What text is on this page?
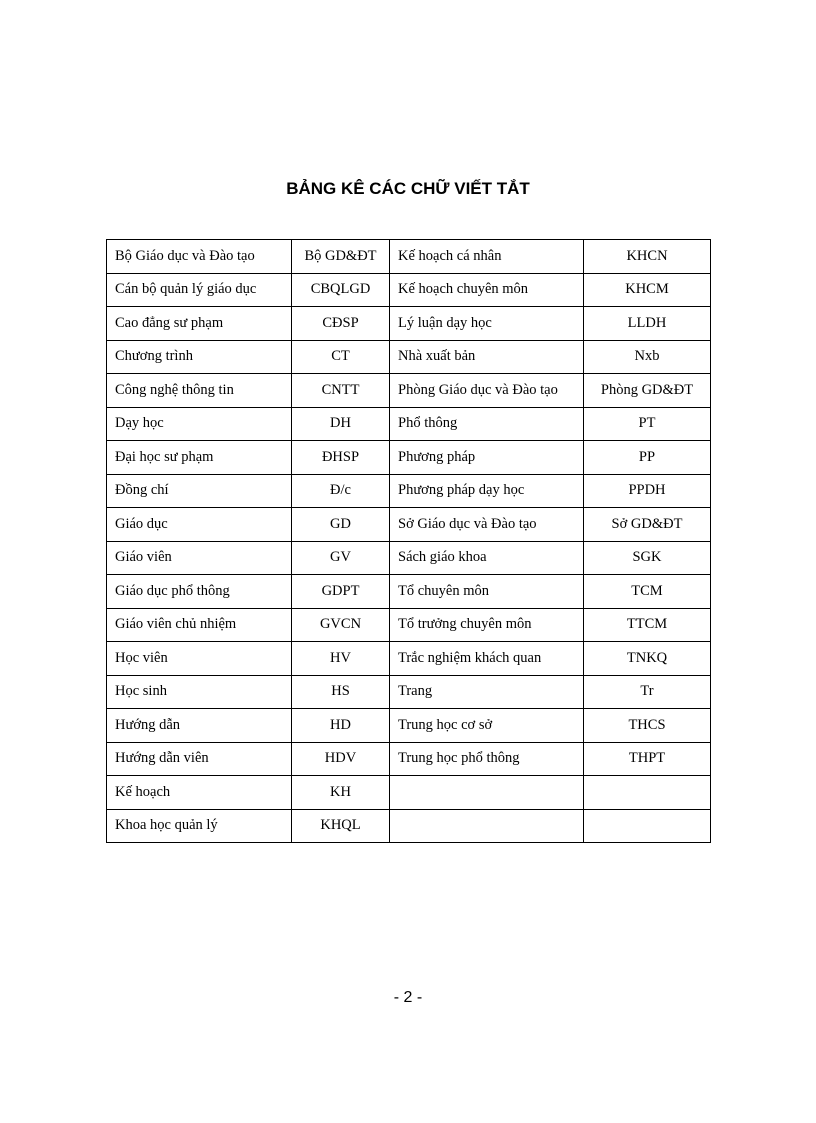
BẢNG KÊ CÁC CHỮ VIẾT TẮT
Bộ Giáo dục và Đào tạo	Bộ GD&ĐT	Kế hoạch cá nhân	KHCN
Cán bộ quản lý giáo dục	CBQLGD	Kế hoạch chuyên môn	KHCM
Cao đẳng sư phạm	CĐSP	Lý luận dạy học	LLDH
Chương trình	CT	Nhà xuất bản	Nxb
Công nghệ thông tin	CNTT	Phòng Giáo dục và Đào tạo	Phòng GD&ĐT
Dạy học	DH	Phổ thông	PT
Đại học sư phạm	ĐHSP	Phương pháp	PP
Đồng chí	Đ/c	Phương pháp dạy học	PPDH
Giáo dục	GD	Sở Giáo dục và Đào tạo	Sở GD&ĐT
Giáo viên	GV	Sách giáo khoa	SGK
Giáo dục phổ thông	GDPT	Tổ chuyên môn	TCM
Giáo viên chủ nhiệm	GVCN	Tổ trưởng chuyên môn	TTCM
Học viên	HV	Trắc nghiệm khách quan	TNKQ
Học sinh	HS	Trang	Tr
Hướng dẫn	HD	Trung học cơ sở	THCS
Hướng dẫn viên	HDV	Trung học phổ thông	THPT
Kế hoạch	KH		
Khoa học quản lý	KHQL		
- 2 -
